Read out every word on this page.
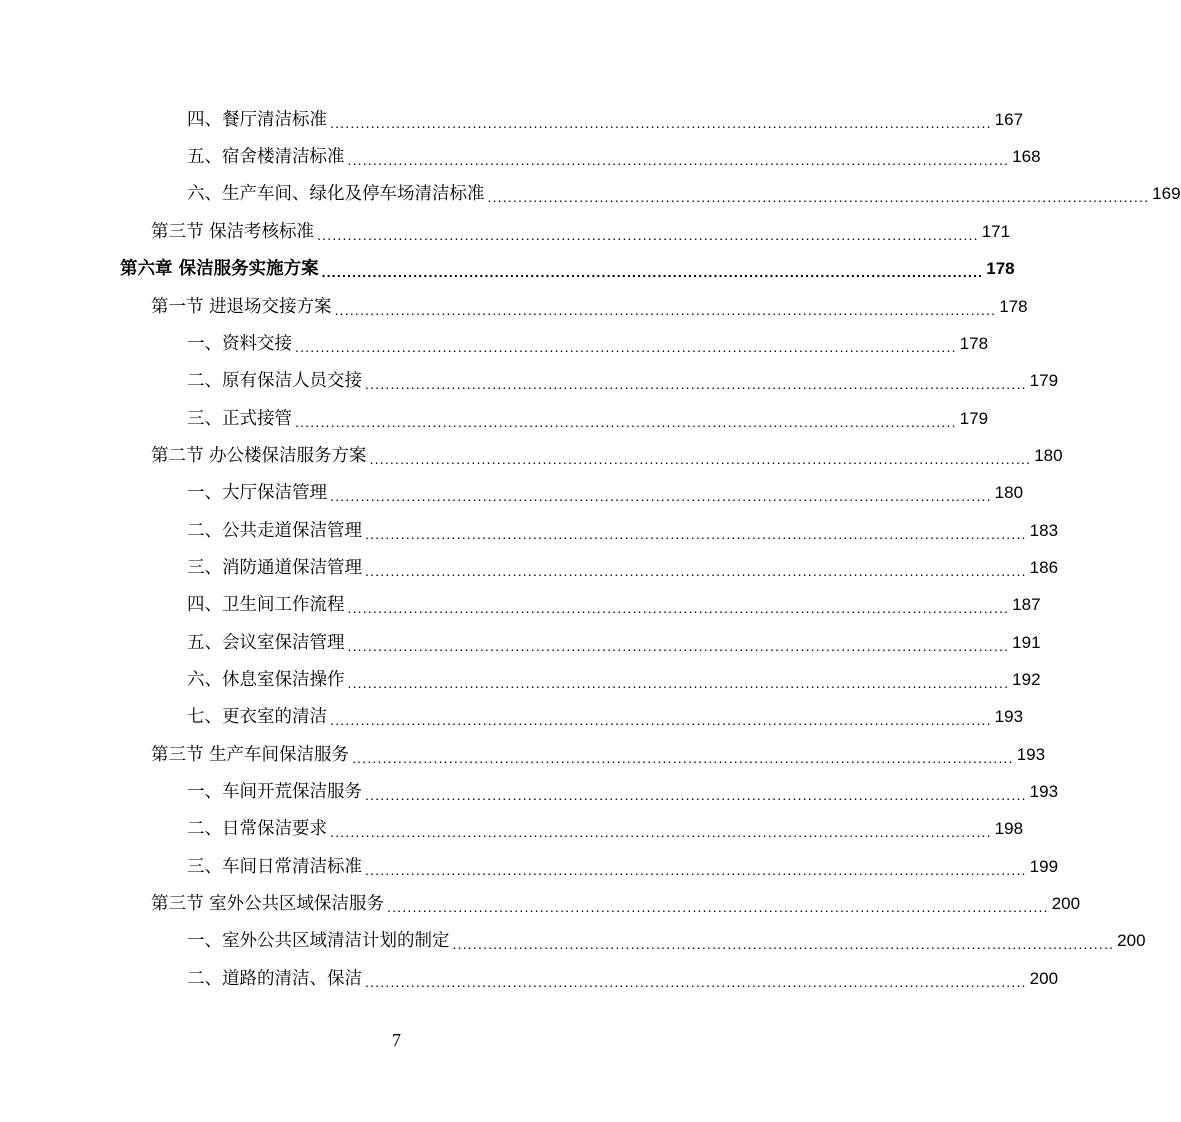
四、餐厅清洁标准 .................................................................................................................................. 167
五、宿舍楼清洁标准 .................................................................................................................................. 168
六、生产车间、绿化及停车场清洁标准 .................................................................................................................................. 169
第三节 保洁考核标准 .................................................................................................................................. 171
第六章 保洁服务实施方案 .................................................................................................................................. 178
第一节 进退场交接方案 .................................................................................................................................. 178
一、资料交接 .................................................................................................................................. 178
二、原有保洁人员交接 .................................................................................................................................. 179
三、正式接管 .................................................................................................................................. 179
第二节 办公楼保洁服务方案 .................................................................................................................................. 180
一、大厅保洁管理 .................................................................................................................................. 180
二、公共走道保洁管理 .................................................................................................................................. 183
三、消防通道保洁管理 .................................................................................................................................. 186
四、卫生间工作流程 .................................................................................................................................. 187
五、会议室保洁管理 .................................................................................................................................. 191
六、休息室保洁操作 .................................................................................................................................. 192
七、更衣室的清洁 .................................................................................................................................. 193
第三节 生产车间保洁服务 .................................................................................................................................. 193
一、车间开荒保洁服务 .................................................................................................................................. 193
二、日常保洁要求 .................................................................................................................................. 198
三、车间日常清洁标准 .................................................................................................................................. 199
第三节 室外公共区域保洁服务 .................................................................................................................................. 200
一、室外公共区域清洁计划的制定 .................................................................................................................................. 200
二、道路的清洁、保洁 .................................................................................................................................. 200
7
